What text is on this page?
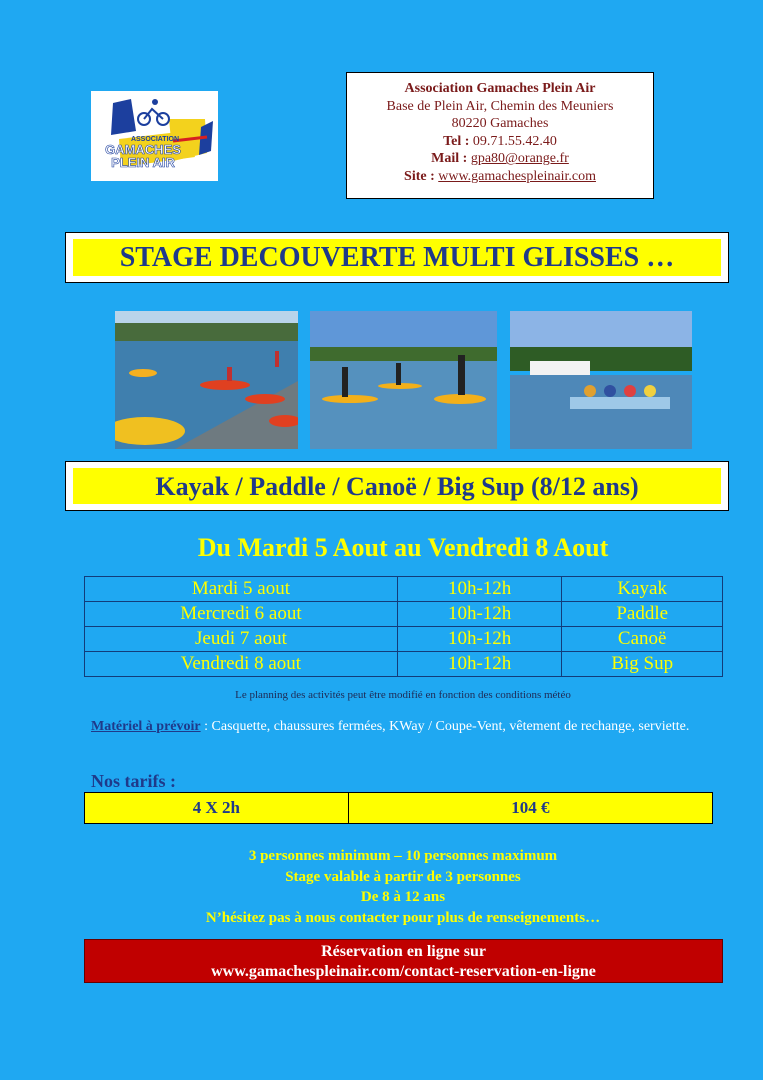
ASSOCIATION
GAMACHES
PLEIN AIR
Association Gamaches Plein Air
Base de Plein Air, Chemin des Meuniers
80220 Gamaches
Tel : 09.71.55.42.40
Mail : gpa80@orange.fr
Site : www.gamachespleinair.com
STAGE DECOUVERTE MULTI GLISSES …
Kayak / Paddle / Canoë / Big Sup (8/12 ans)
Du Mardi 5 Aout au Vendredi 8 Aout
Mardi 5 aout	10h-12h	Kayak
Mercredi 6 aout	10h-12h	Paddle
Jeudi 7 aout	10h-12h	Canoë
Vendredi 8 aout	10h-12h	Big Sup
Le planning des activités peut être modifié en fonction des conditions météo
Matériel à prévoir : Casquette, chaussures fermées, KWay / Coupe-Vent, vêtement de rechange, serviette.
Nos tarifs :
4 X 2h	104 €
3 personnes minimum – 10 personnes maximum
Stage valable à partir de 3 personnes
De 8 à 12 ans
N’hésitez pas à nous contacter pour plus de renseignements…
Réservation en ligne sur
www.gamachespleinair.com/contact-reservation-en-ligne
